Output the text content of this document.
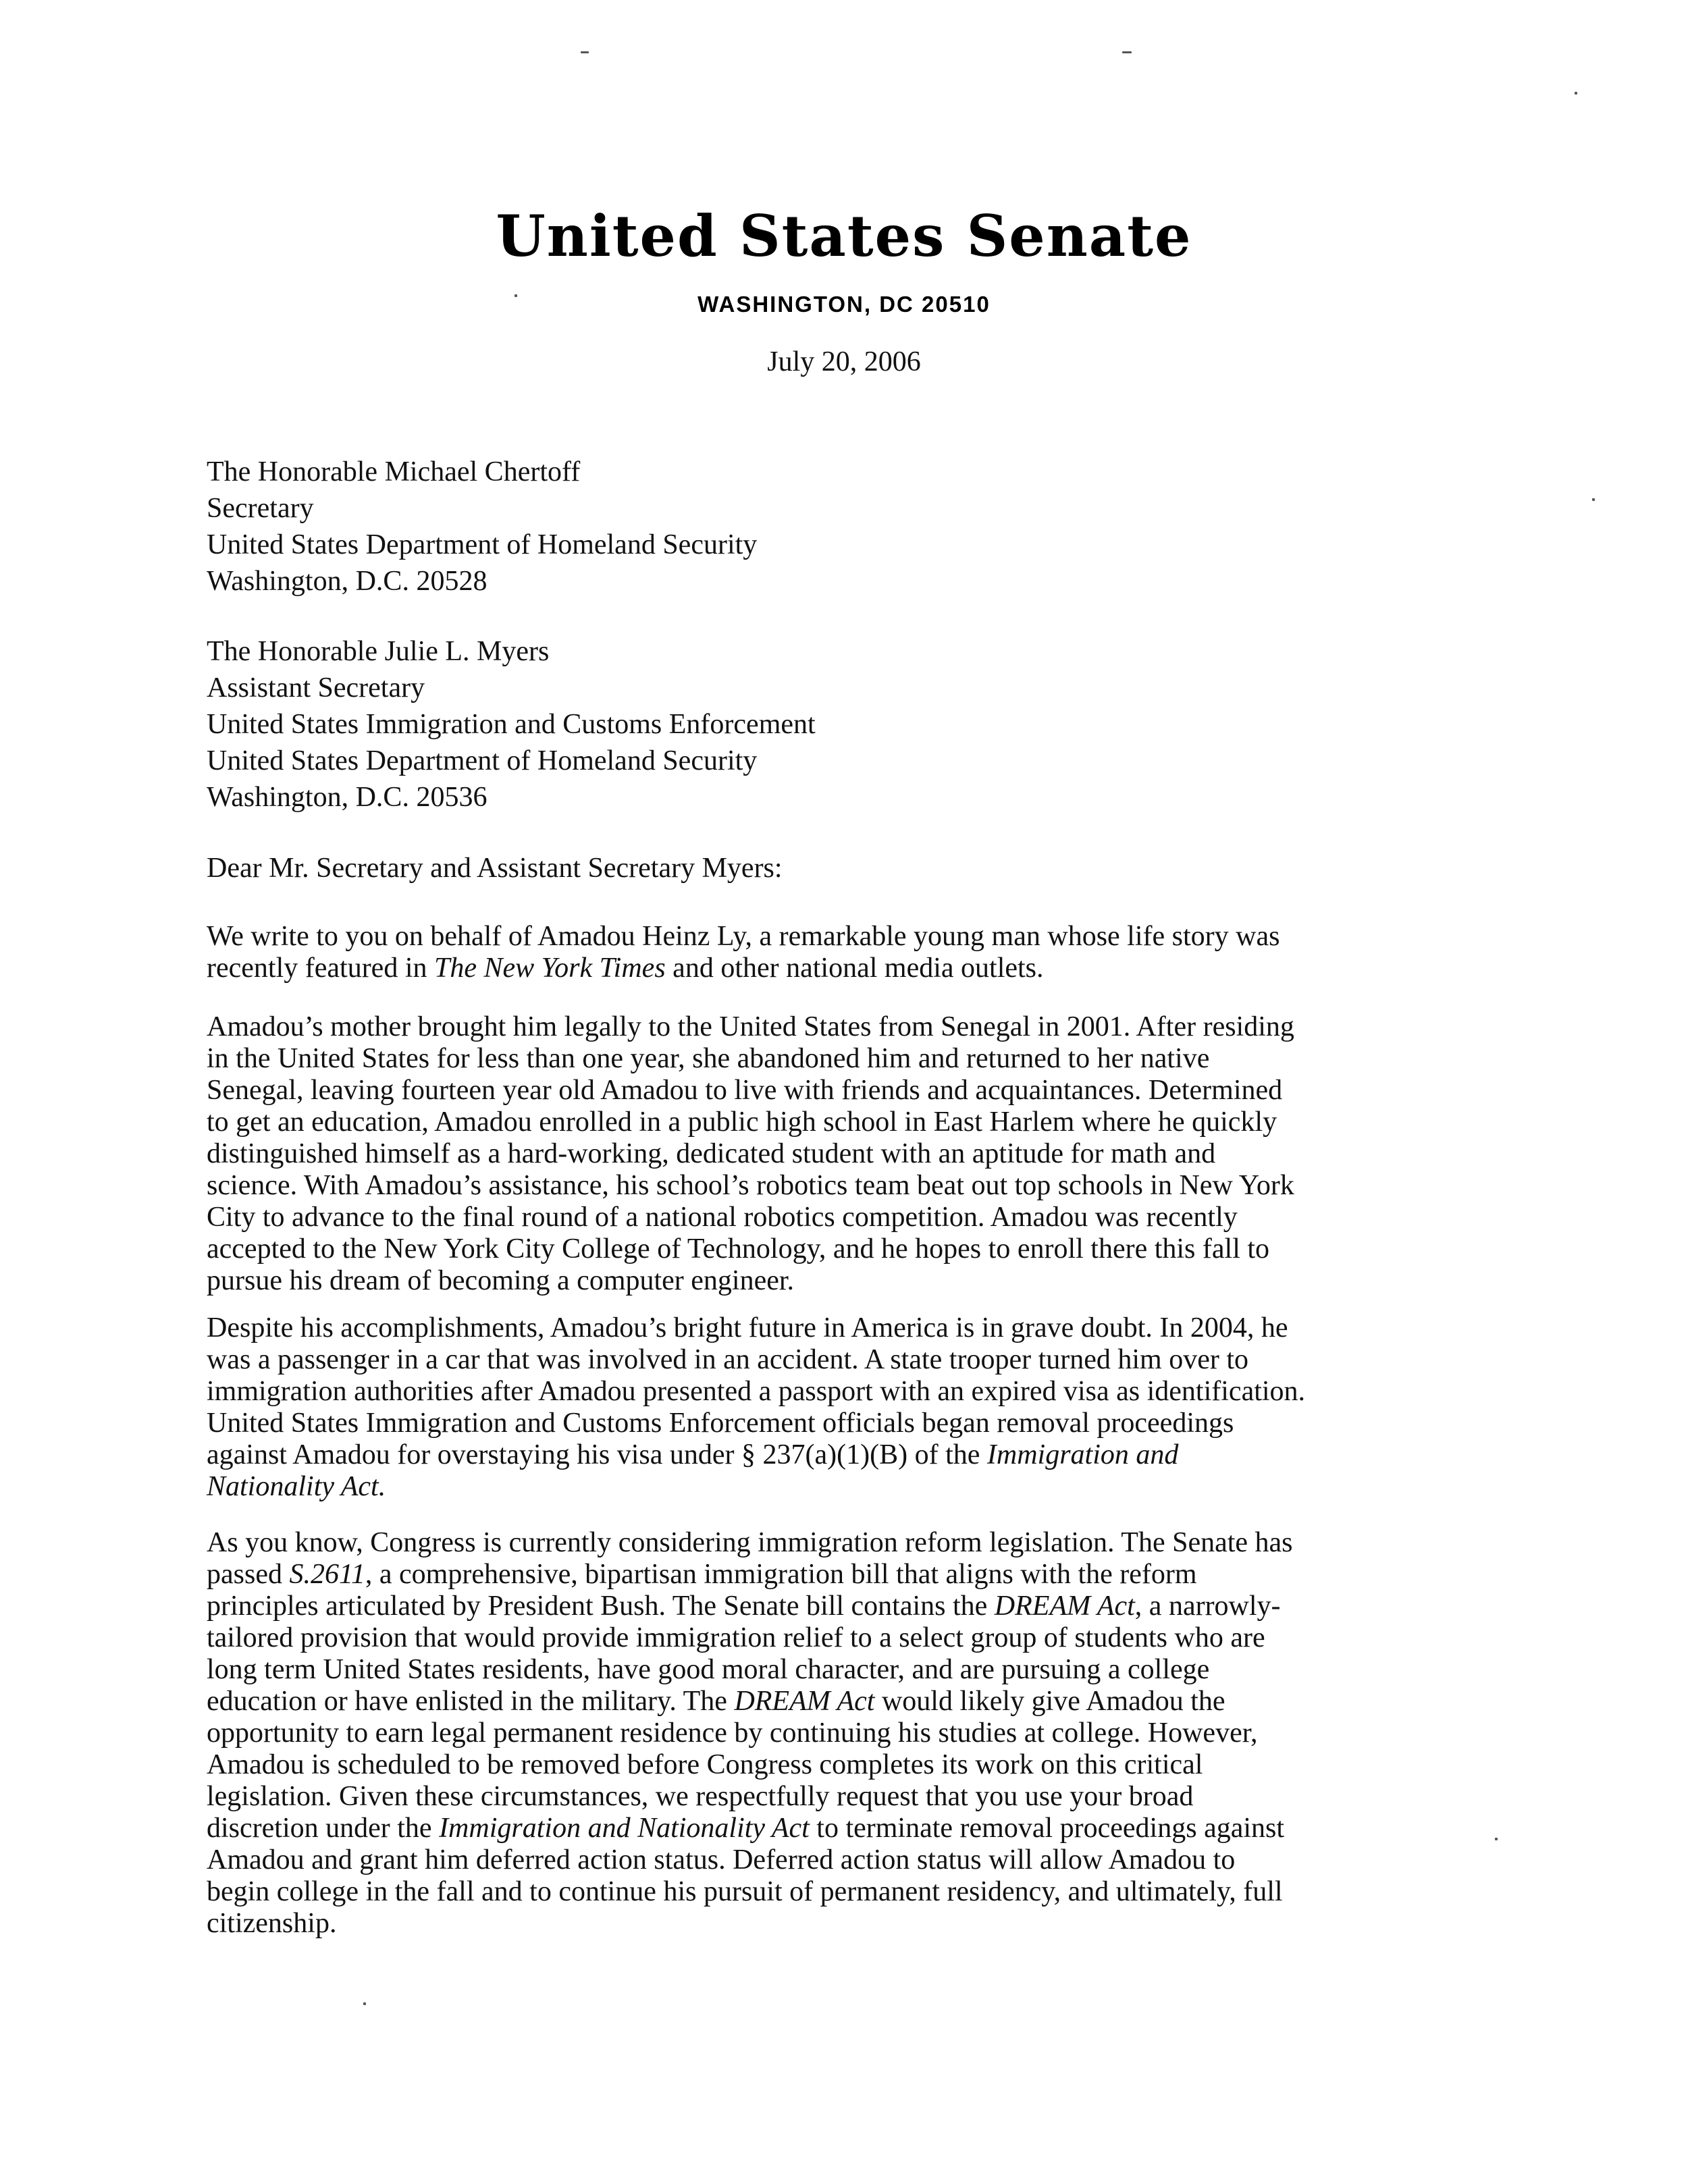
United States Senate
WASHINGTON, DC 20510
July 20, 2006
The Honorable Michael Chertoff
Secretary
United States Department of Homeland Security
Washington, D.C. 20528
The Honorable Julie L. Myers
Assistant Secretary
United States Immigration and Customs Enforcement
United States Department of Homeland Security
Washington, D.C. 20536
Dear Mr. Secretary and Assistant Secretary Myers:
We write to you on behalf of Amadou Heinz Ly, a remarkable young man whose life story was
recently featured in The New York Times and other national media outlets.
Amadou’s mother brought him legally to the United States from Senegal in 2001. After residing
in the United States for less than one year, she abandoned him and returned to her native
Senegal, leaving fourteen year old Amadou to live with friends and acquaintances. Determined
to get an education, Amadou enrolled in a public high school in East Harlem where he quickly
distinguished himself as a hard-working, dedicated student with an aptitude for math and
science. With Amadou’s assistance, his school’s robotics team beat out top schools in New York
City to advance to the final round of a national robotics competition. Amadou was recently
accepted to the New York City College of Technology, and he hopes to enroll there this fall to
pursue his dream of becoming a computer engineer.
Despite his accomplishments, Amadou’s bright future in America is in grave doubt. In 2004, he
was a passenger in a car that was involved in an accident. A state trooper turned him over to
immigration authorities after Amadou presented a passport with an expired visa as identification.
United States Immigration and Customs Enforcement officials began removal proceedings
against Amadou for overstaying his visa under § 237(a)(1)(B) of the Immigration and
Nationality Act.
As you know, Congress is currently considering immigration reform legislation. The Senate has
passed S.2611, a comprehensive, bipartisan immigration bill that aligns with the reform
principles articulated by President Bush. The Senate bill contains the DREAM Act, a narrowly-
tailored provision that would provide immigration relief to a select group of students who are
long term United States residents, have good moral character, and are pursuing a college
education or have enlisted in the military. The DREAM Act would likely give Amadou the
opportunity to earn legal permanent residence by continuing his studies at college. However,
Amadou is scheduled to be removed before Congress completes its work on this critical
legislation. Given these circumstances, we respectfully request that you use your broad
discretion under the Immigration and Nationality Act to terminate removal proceedings against
Amadou and grant him deferred action status. Deferred action status will allow Amadou to
begin college in the fall and to continue his pursuit of permanent residency, and ultimately, full
citizenship.
